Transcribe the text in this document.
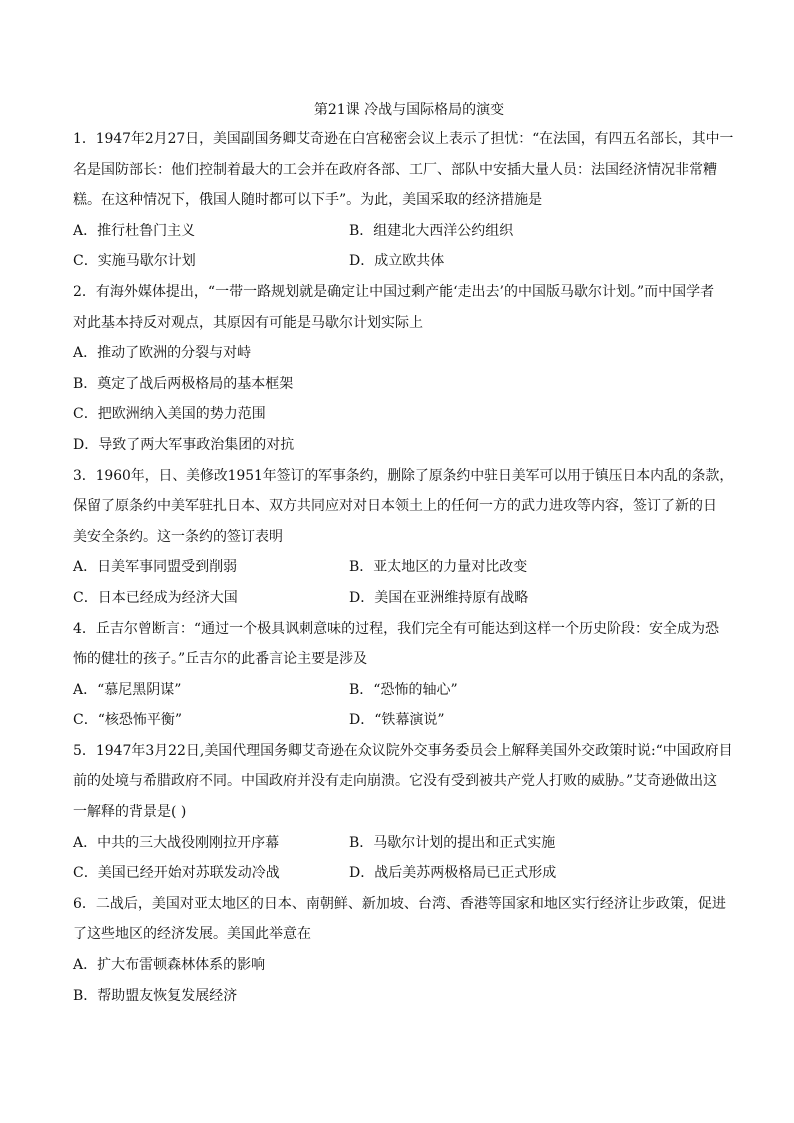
第21课 冷战与国际格局的演变
1．1947年2月27日，美国副国务卿艾奇逊在白宫秘密会议上表示了担忧：“在法国，有四五名部长，其中一
名是国防部长：他们控制着最大的工会并在政府各部、工厂、部队中安插大量人员：法国经济情况非常糟
糕。在这种情况下，俄国人随时都可以下手”。为此，美国采取的经济措施是
A．推行杜鲁门主义	B．组建北大西洋公约组织
C．实施马歇尔计划	D．成立欧共体
2．有海外媒体提出，“一带一路规划就是确定让中国过剩产能‘走出去’的中国版马歇尔计划。”而中国学者
对此基本持反对观点，其原因有可能是马歇尔计划实际上
A．推动了欧洲的分裂与对峙
B．奠定了战后两极格局的基本框架
C．把欧洲纳入美国的势力范围
D．导致了两大军事政治集团的对抗
3．1960年，日、美修改1951年签订的军事条约，删除了原条约中驻日美军可以用于镇压日本内乱的条款，
保留了原条约中美军驻扎日本、双方共同应对对日本领土上的任何一方的武力进攻等内容，签订了新的日
美安全条约。这一条约的签订表明
A．日美军事同盟受到削弱	B．亚太地区的力量对比改变
C．日本已经成为经济大国	D．美国在亚洲维持原有战略
4．丘吉尔曾断言：“通过一个极具讽刺意味的过程，我们完全有可能达到这样一个历史阶段：安全成为恐
怖的健壮的孩子。”丘吉尔的此番言论主要是涉及
A．“慕尼黑阴谋”	B．“恐怖的轴心”
C．“核恐怖平衡”	D．“铁幕演说”
5．1947年3月22日,美国代理国务卿艾奇逊在众议院外交事务委员会上解释美国外交政策时说:“中国政府目
前的处境与希腊政府不同。中国政府并没有走向崩溃。它没有受到被共产党人打败的威胁。”艾奇逊做出这
一解释的背景是( )
A．中共的三大战役刚刚拉开序幕	B．马歇尔计划的提出和正式实施
C．美国已经开始对苏联发动冷战	D．战后美苏两极格局已正式形成
6．二战后，美国对亚太地区的日本、南朝鲜、新加坡、台湾、香港等国家和地区实行经济让步政策，促进
了这些地区的经济发展。美国此举意在
A．扩大布雷顿森林体系的影响
B．帮助盟友恢复发展经济
